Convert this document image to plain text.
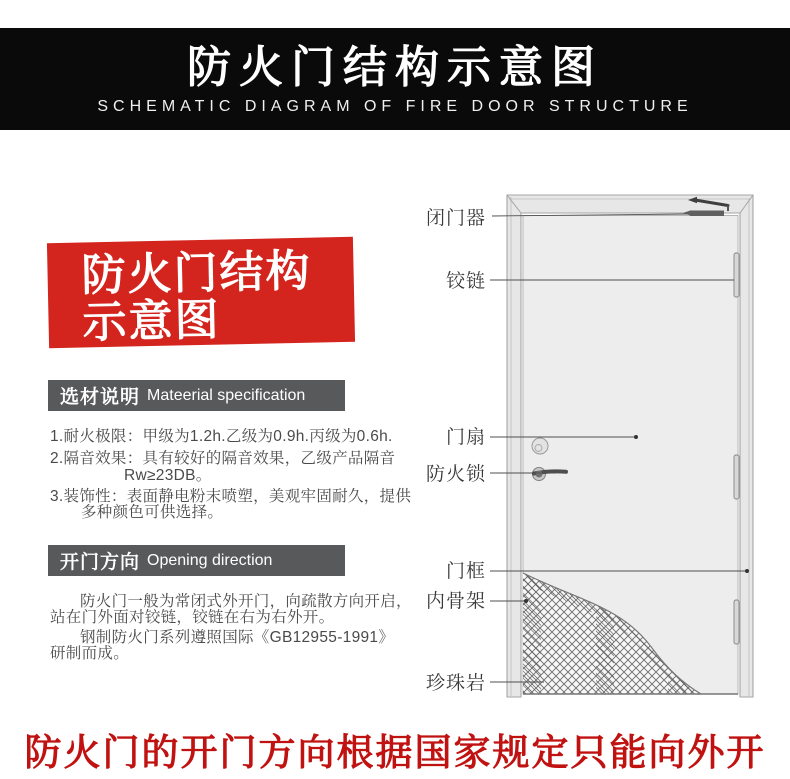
防火门结构示意图
SCHEMATIC DIAGRAM OF FIRE DOOR STRUCTURE
防火门结构
示意图
选材说明 Mateerial specification
1.耐火极限：甲级为1.2h.乙级为0.9h.丙级为0.6h.
2.隔音效果：具有较好的隔音效果，乙级产品隔音
Rw≥23DB。
3.装饰性：表面静电粉末喷塑，美观牢固耐久，提供
多种颜色可供选择。
开门方向 Opening direction
防火门一般为常闭式外开门，向疏散方向开启，
站在门外面对铰链，铰链在右为右外开。
钢制防火门系列遵照国际《GB12955-1991》
研制而成。
闭门器
铰链
门扇
防火锁
门框
内骨架
珍珠岩
防火门的开门方向根据国家规定只能向外开
